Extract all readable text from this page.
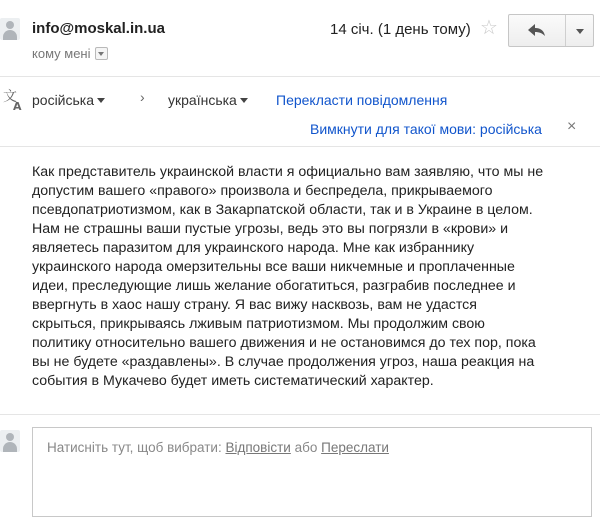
info@moskal.in.ua
кому мені
14 січ. (1 день тому) ☆
文
A російська	› українська	Перекласти повідомлення
Вимкнути для такої мови: російська ×
Как представитель украинской власти я официально вам заявляю, что мы не
допустим вашего «правого» произвола и беспредела, прикрываемого
псевдопатриотизмом, как в Закарпатской области, так и в Украине в целом.
Нам не страшны ваши пустые угрозы, ведь это вы погрязли в «крови» и
являетесь паразитом для украинского народа. Мне как избраннику
украинского народа омерзительны все ваши никчемные и проплаченные
идеи, преследующие лишь желание обогатиться, разграбив последнее и
ввергнуть в хаос нашу страну. Я вас вижу насквозь, вам не удастся
скрыться, прикрываясь лживым патриотизмом. Мы продолжим свою
политику относительно вашего движения и не остановимся до тех пор, пока
вы не будете «раздавлены». В случае продолжения угроз, наша реакция на
события в Мукачево будет иметь систематический характер.
Натисніть тут, щоб вибрати: Відповісти або Переслати
